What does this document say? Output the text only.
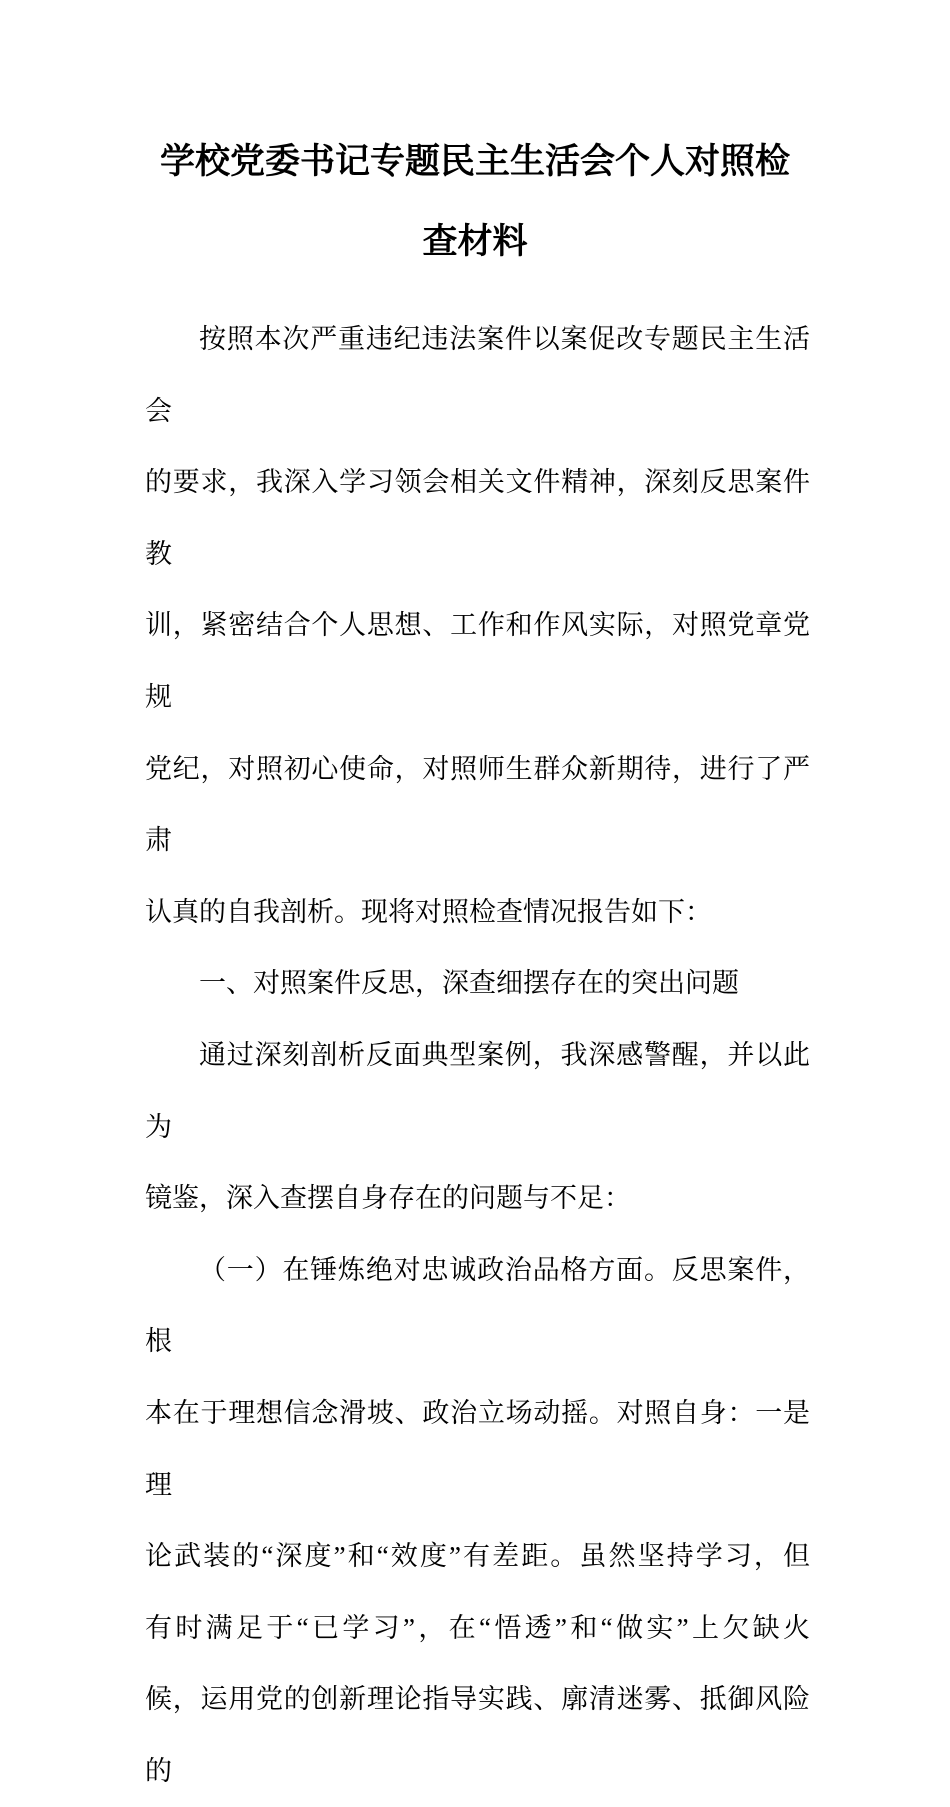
学校党委书记专题民主生活会个人对照检
查材料

按照本次严重违纪违法案件以案促改专题民主生活会

的要求，我深入学习领会相关文件精神，深刻反思案件教

训，紧密结合个人思想、工作和作风实际，对照党章党规

党纪，对照初心使命，对照师生群众新期待，进行了严肃

认真的自我剖析。现将对照检查情况报告如下：

一、对照案件反思，深查细摆存在的突出问题

通过深刻剖析反面典型案例，我深感警醒，并以此为

镜鉴，深入查摆自身存在的问题与不足：

（一）在锤炼绝对忠诚政治品格方面。反思案件，根

本在于理想信念滑坡、政治立场动摇。对照自身：一是理

论武装的“深度”和“效度”有差距。虽然坚持学习，但

有时满足于“已学习”，在“悟透”和“做实”上欠缺火

候，运用党的创新理论指导实践、廓清迷雾、抵御风险的
